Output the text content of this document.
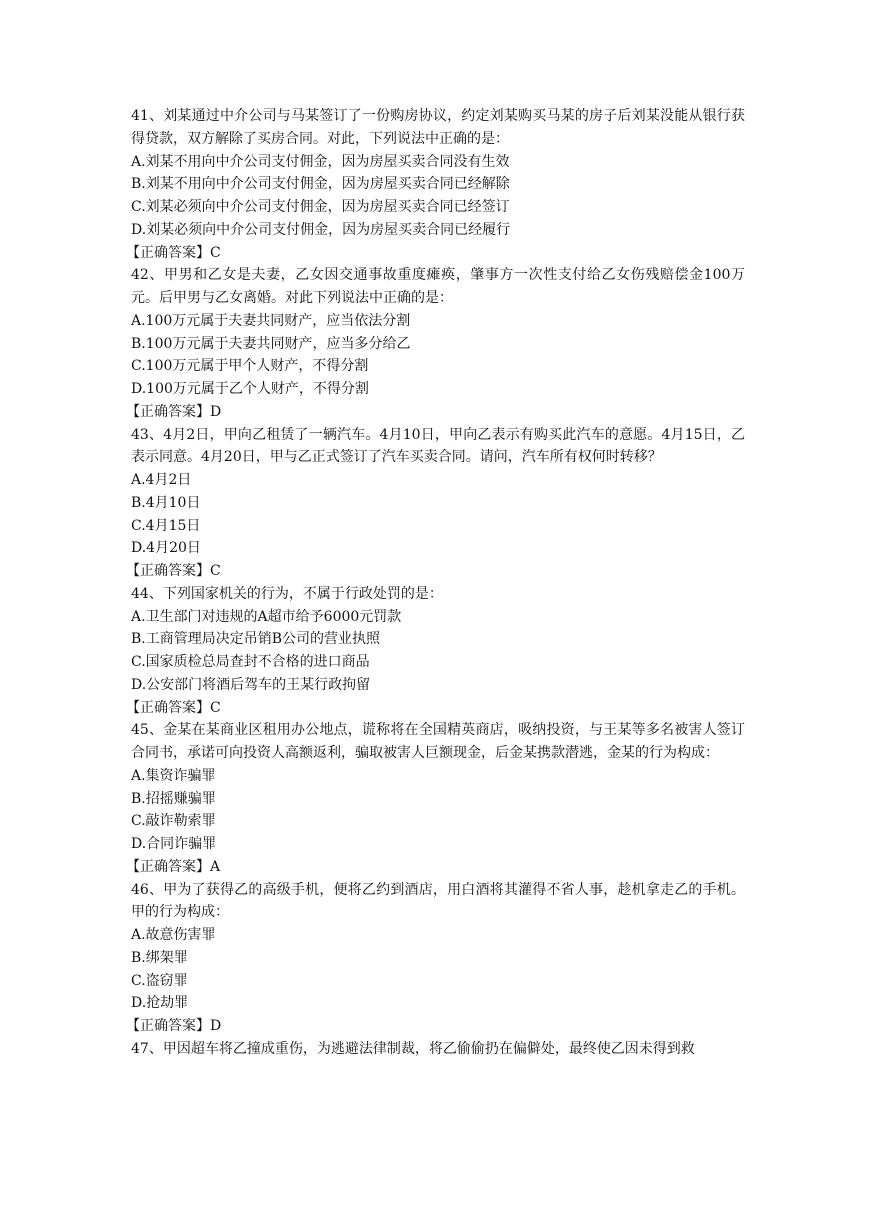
41、刘某通过中介公司与马某签订了一份购房协议，约定刘某购买马某的房子后刘某没能从银行获得贷款，双方解除了买房合同。对此，下列说法中正确的是：
A.刘某不用向中介公司支付佣金，因为房屋买卖合同没有生效
B.刘某不用向中介公司支付佣金，因为房屋买卖合同已经解除
C.刘某必须向中介公司支付佣金，因为房屋买卖合同已经签订
D.刘某必须向中介公司支付佣金，因为房屋买卖合同已经履行
【正确答案】C
42、甲男和乙女是夫妻，乙女因交通事故重度瘫痪，肇事方一次性支付给乙女伤残赔偿金100万元。后甲男与乙女离婚。对此下列说法中正确的是：
A.100万元属于夫妻共同财产，应当依法分割
B.100万元属于夫妻共同财产，应当多分给乙
C.100万元属于甲个人财产，不得分割
D.100万元属于乙个人财产，不得分割
【正确答案】D
43、4月2日，甲向乙租赁了一辆汽车。4月10日，甲向乙表示有购买此汽车的意愿。4月15日，乙表示同意。4月20日，甲与乙正式签订了汽车买卖合同。请问，汽车所有权何时转移？
A.4月2日
B.4月10日
C.4月15日
D.4月20日
【正确答案】C
44、下列国家机关的行为，不属于行政处罚的是：
A.卫生部门对违规的A超市给予6000元罚款
B.工商管理局决定吊销B公司的营业执照
C.国家质检总局查封不合格的进口商品
D.公安部门将酒后驾车的王某行政拘留
【正确答案】C
45、金某在某商业区租用办公地点，谎称将在全国精英商店，吸纳投资，与王某等多名被害人签订合同书，承诺可向投资人高额返利，骗取被害人巨额现金，后金某携款潜逃，金某的行为构成：
A.集资诈骗罪
B.招摇赚骗罪
C.敲诈勒索罪
D.合同诈骗罪
【正确答案】A
46、甲为了获得乙的高级手机，便将乙约到酒店，用白酒将其灌得不省人事，趁机拿走乙的手机。甲的行为构成：
A.故意伤害罪
B.绑架罪
C.盗窃罪
D.抢劫罪
【正确答案】D
47、甲因超车将乙撞成重伤，为逃避法律制裁，将乙偷偷扔在偏僻处，最终使乙因未得到救
